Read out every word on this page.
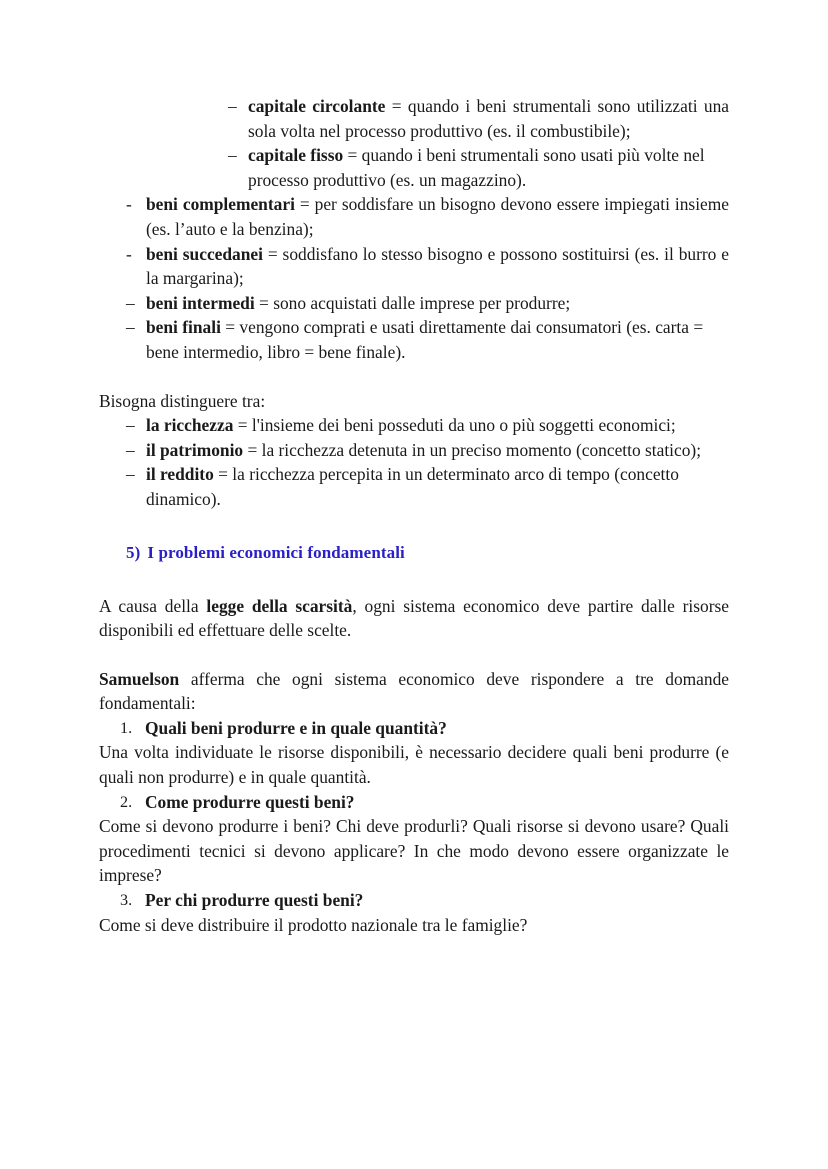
– capitale circolante = quando i beni strumentali sono utilizzati una sola volta nel processo produttivo (es. il combustibile);
– capitale fisso = quando i beni strumentali sono usati più volte nel processo produttivo (es. un magazzino).
- beni complementari = per soddisfare un bisogno devono essere impiegati insieme (es. l’auto e la benzina);
- beni succedanei = soddisfano lo stesso bisogno e possono sostituirsi (es. il burro e la margarina);
– beni intermedi = sono acquistati dalle imprese per produrre;
– beni finali = vengono comprati e usati direttamente dai consumatori (es. carta = bene intermedio, libro = bene finale).

Bisogna distinguere tra:

– la ricchezza = l'insieme dei beni posseduti da uno o più soggetti economici;
– il patrimonio = la ricchezza detenuta in un preciso momento (concetto statico);
– il reddito = la ricchezza percepita in un determinato arco di tempo (concetto dinamico).
5) I problemi economici fondamentali

A causa della legge della scarsità, ogni sistema economico deve partire dalle risorse disponibili ed effettuare delle scelte.

Samuelson afferma che ogni sistema economico deve rispondere a tre domande fondamentali:

1. Quali beni produrre e in quale quantità?

Una volta individuate le risorse disponibili, è necessario decidere quali beni produrre (e quali non produrre) e in quale quantità.

2. Come produrre questi beni?

Come si devono produrre i beni? Chi deve produrli? Quali risorse si devono usare? Quali procedimenti tecnici si devono applicare? In che modo devono essere organizzate le imprese?

3. Per chi produrre questi beni?

Come si deve distribuire il prodotto nazionale tra le famiglie?
